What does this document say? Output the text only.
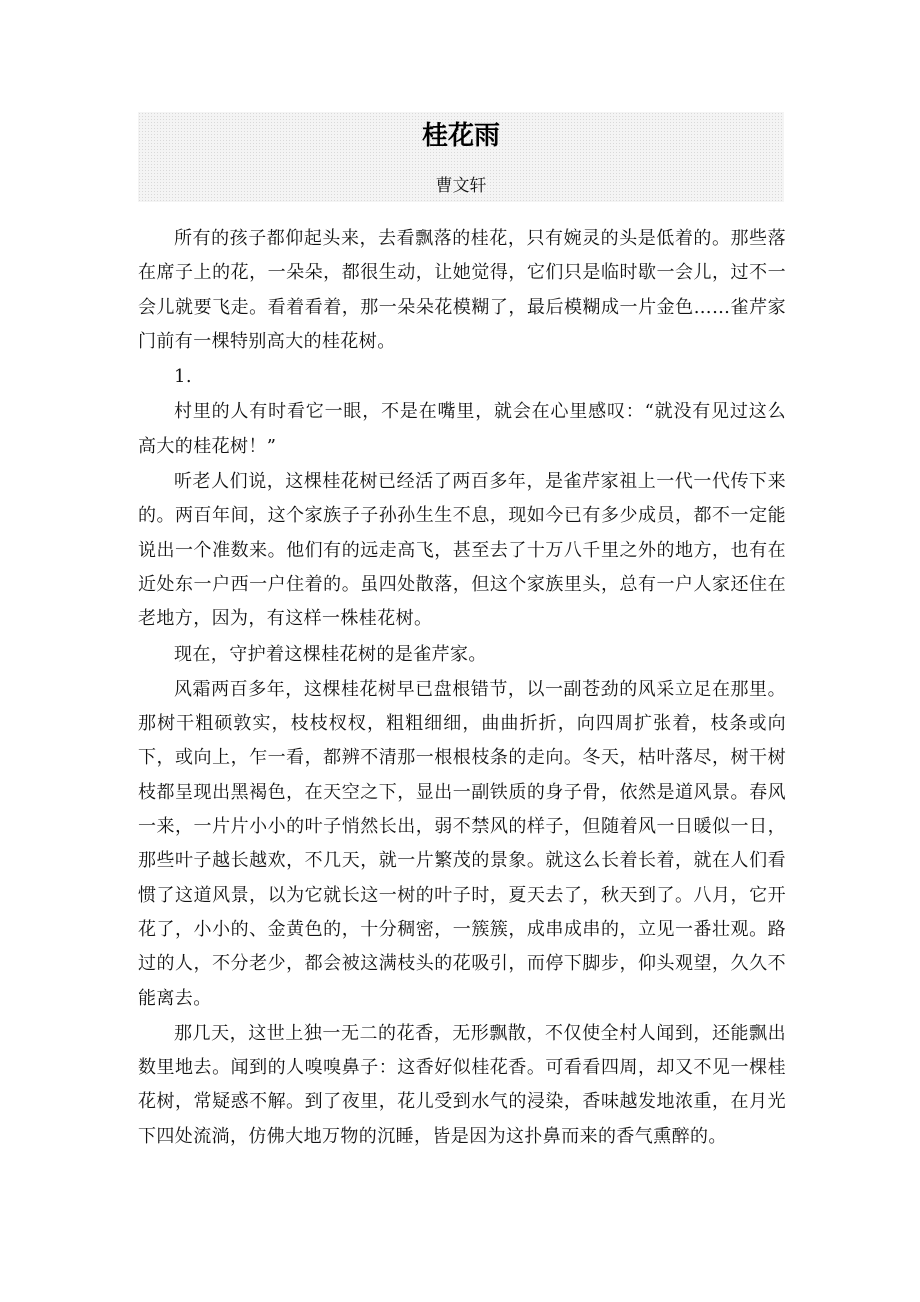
桂花雨
曹文轩

所有的孩子都仰起头来，去看飘落的桂花，只有婉灵的头是低着的。那些落在席子上的花，一朵朵，都很生动，让她觉得，它们只是临时歇一会儿，过不一会儿就要飞走。看着看着，那一朵朵花模糊了，最后模糊成一片金色……雀芹家门前有一棵特别高大的桂花树。

1.

村里的人有时看它一眼，不是在嘴里，就会在心里感叹：“就没有见过这么高大的桂花树！”

听老人们说，这棵桂花树已经活了两百多年，是雀芹家祖上一代一代传下来的。两百年间，这个家族子子孙孙生生不息，现如今已有多少成员，都不一定能说出一个准数来。他们有的远走高飞，甚至去了十万八千里之外的地方，也有在近处东一户西一户住着的。虽四处散落，但这个家族里头，总有一户人家还住在老地方，因为，有这样一株桂花树。

现在，守护着这棵桂花树的是雀芹家。

风霜两百多年，这棵桂花树早已盘根错节，以一副苍劲的风采立足在那里。那树干粗硕敦实，枝枝杈杈，粗粗细细，曲曲折折，向四周扩张着，枝条或向下，或向上，乍一看，都辨不清那一根根枝条的走向。冬天，枯叶落尽，树干树枝都呈现出黑褐色，在天空之下，显出一副铁质的身子骨，依然是道风景。春风一来，一片片小小的叶子悄然长出，弱不禁风的样子，但随着风一日暖似一日，那些叶子越长越欢，不几天，就一片繁茂的景象。就这么长着长着，就在人们看惯了这道风景，以为它就长这一树的叶子时，夏天去了，秋天到了。八月，它开花了，小小的、金黄色的，十分稠密，一簇簇，成串成串的，立见一番壮观。路过的人，不分老少，都会被这满枝头的花吸引，而停下脚步，仰头观望，久久不能离去。

那几天，这世上独一无二的花香，无形飘散，不仅使全村人闻到，还能飘出数里地去。闻到的人嗅嗅鼻子：这香好似桂花香。可看看四周，却又不见一棵桂花树，常疑惑不解。到了夜里，花儿受到水气的浸染，香味越发地浓重，在月光下四处流淌，仿佛大地万物的沉睡，皆是因为这扑鼻而来的香气熏醉的。
